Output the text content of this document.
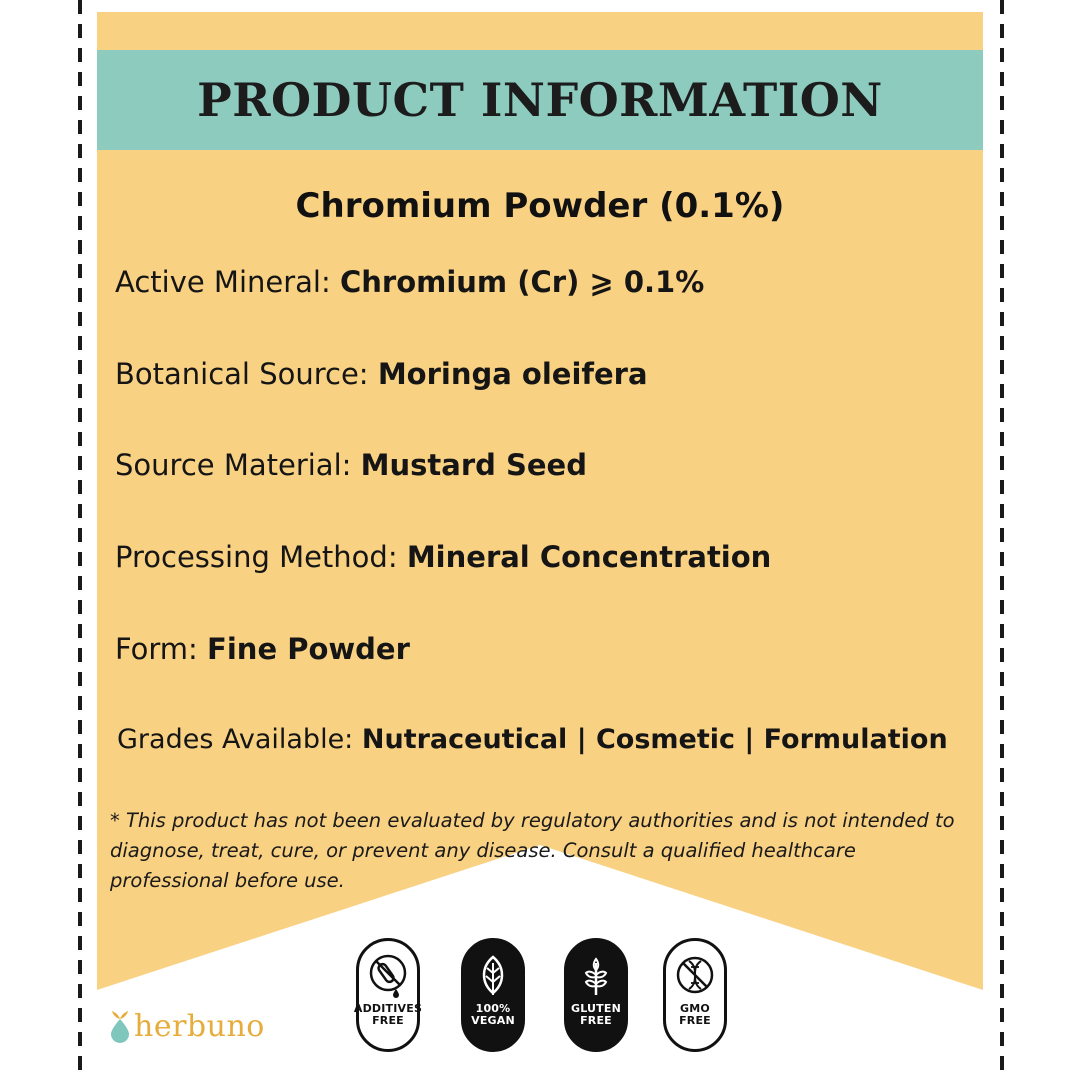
PRODUCT INFORMATION
Chromium Powder (0.1%)
Active Mineral: Chromium (Cr) ⩾ 0.1%
Botanical Source: Moringa oleifera
Source Material: Mustard Seed
Processing Method: Mineral Concentration
Form: Fine Powder
Grades Available: Nutraceutical | Cosmetic | Formulation
* This product has not been evaluated by regulatory authorities and is not intended to diagnose, treat, cure, or prevent any disease. Consult a qualified healthcare professional before use.
herbuno	ADDITIVES
FREE
100%
VEGAN
GLUTEN
FREE
GMO
FREE
